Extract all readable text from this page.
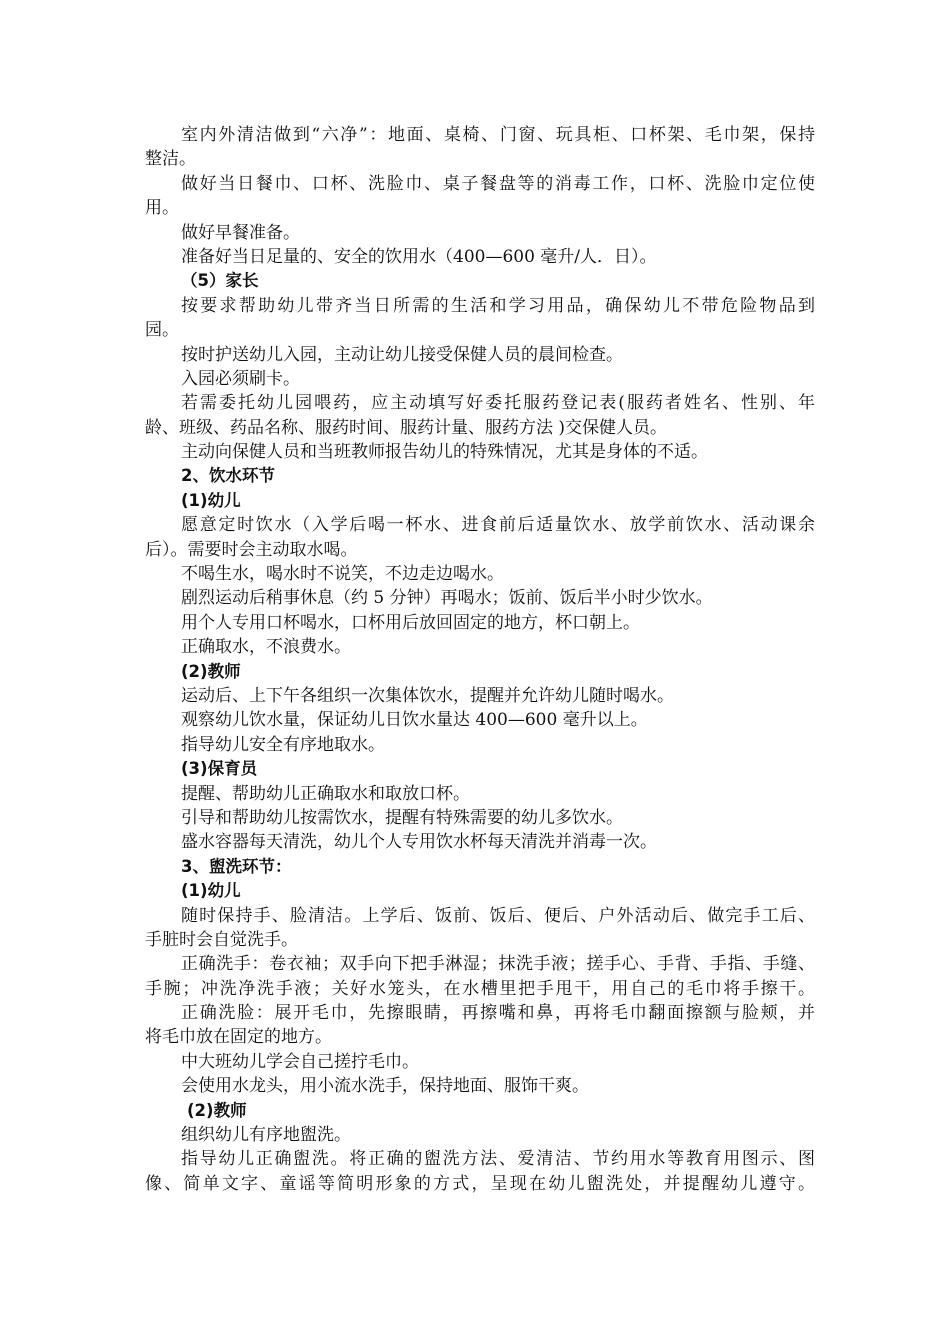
室内外清洁做到“六净”：地面、桌椅、门窗、玩具柜、口杯架、毛巾架，保持
整洁。
做好当日餐巾、口杯、洗脸巾、桌子餐盘等的消毒工作，口杯、洗脸巾定位使
用。
做好早餐准备。
准备好当日足量的、安全的饮用水（400—600 毫升/人．日）。
（5）家长
按要求帮助幼儿带齐当日所需的生活和学习用品，确保幼儿不带危险物品到
园。
按时护送幼儿入园，主动让幼儿接受保健人员的晨间检查。
入园必须刷卡。
若需委托幼儿园喂药，应主动填写好委托服药登记表(服药者姓名、性别、年
龄、班级、药品名称、服药时间、服药计量、服药方法 )交保健人员。
主动向保健人员和当班教师报告幼儿的特殊情况，尤其是身体的不适。
2、饮水环节
(1)幼儿
愿意定时饮水（入学后喝一杯水、进食前后适量饮水、放学前饮水、活动课余
后）。需要时会主动取水喝。
不喝生水，喝水时不说笑，不边走边喝水。
剧烈运动后稍事休息（约 5 分钟）再喝水；饭前、饭后半小时少饮水。
用个人专用口杯喝水，口杯用后放回固定的地方，杯口朝上。
正确取水，不浪费水。
(2)教师
运动后、上下午各组织一次集体饮水，提醒并允许幼儿随时喝水。
观察幼儿饮水量，保证幼儿日饮水量达 400—600 毫升以上。
指导幼儿安全有序地取水。
(3)保育员
提醒、帮助幼儿正确取水和取放口杯。
引导和帮助幼儿按需饮水，提醒有特殊需要的幼儿多饮水。
盛水容器每天清洗，幼儿个人专用饮水杯每天清洗并消毒一次。
3、盥洗环节：
(1)幼儿
随时保持手、脸清洁。上学后、饭前、饭后、便后、户外活动后、做完手工后、
手脏时会自觉洗手。
正确洗手：卷衣袖；双手向下把手淋湿；抹洗手液；搓手心、手背、手指、手缝、
手腕；冲洗净洗手液；关好水笼头，在水槽里把手甩干，用自己的毛巾将手擦干。
正确洗脸：展开毛巾，先擦眼睛，再擦嘴和鼻，再将毛巾翻面擦额与脸颊，并
将毛巾放在固定的地方。
中大班幼儿学会自己搓拧毛巾。
会使用水龙头，用小流水洗手，保持地面、服饰干爽。
(2)教师
组织幼儿有序地盥洗。
指导幼儿正确盥洗。将正确的盥洗方法、爱清洁、节约用水等教育用图示、图
像、简单文字、童谣等简明形象的方式，呈现在幼儿盥洗处，并提醒幼儿遵守。
